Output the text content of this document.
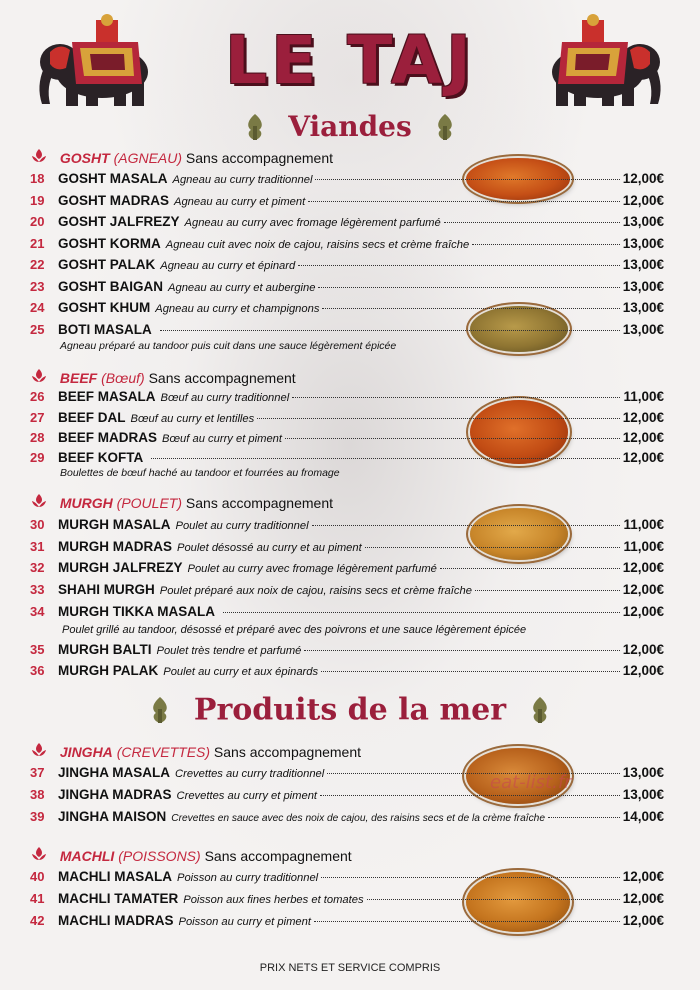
LE TAJ
Viandes
GOSHT (AGNEAU) Sans accompagnement
18	GOSHT MASALA Agneau au curry traditionnel	12,00€
19	GOSHT MADRAS Agneau au curry et piment	12,00€
20	GOSHT JALFREZY Agneau au curry avec fromage légèrement parfumé	13,00€
21	GOSHT KORMA Agneau cuit avec noix de cajou, raisins secs et crème fraîche	13,00€
22	GOSHT PALAK Agneau au curry et épinard	13,00€
23	GOSHT BAIGAN Agneau au curry et aubergine	13,00€
24	GOSHT KHUM Agneau au curry et champignons	13,00€
25	BOTI MASALA	13,00€
Agneau préparé au tandoor puis cuit dans une sauce légèrement épicée
BEEF (Bœuf) Sans accompagnement
26	BEEF MASALA Bœuf au curry traditionnel	11,00€
27	BEEF DAL Bœuf au curry et lentilles	12,00€
28	BEEF MADRAS Bœuf au curry et piment	12,00€
29	BEEF KOFTA	12,00€
Boulettes de bœuf haché au tandoor et fourrées au fromage
MURGH (POULET) Sans accompagnement
30	MURGH MASALA Poulet au curry traditionnel	11,00€
31	MURGH MADRAS Poulet désossé au curry et au piment	11,00€
32	MURGH JALFREZY Poulet au curry avec fromage légèrement parfumé	12,00€
33	SHAHI MURGH Poulet préparé aux noix de cajou, raisins secs et crème fraîche	12,00€
34	MURGH TIKKA MASALA	12,00€
Poulet grillé au tandoor, désossé et préparé avec des poivrons et une sauce légèrement épicée
35	MURGH BALTI Poulet très tendre et parfumé	12,00€
36	MURGH PALAK Poulet au curry et aux épinards	12,00€
Produits de la mer
JINGHA (CREVETTES) Sans accompagnement
37	JINGHA MASALA Crevettes au curry traditionnel	13,00€
38	JINGHA MADRAS Crevettes au curry et piment	13,00€
39	JINGHA MAISON Crevettes en sauce avec des noix de cajou, des raisins secs et de la crème fraîche	14,00€
MACHLI (POISSONS) Sans accompagnement
40	MACHLI MASALA Poisson au curry traditionnel	12,00€
41	MACHLI TAMATER Poisson aux fines herbes et tomates	12,00€
42	MACHLI MADRAS Poisson au curry et piment	12,00€
eat-list.fr
PRIX NETS ET SERVICE COMPRIS
